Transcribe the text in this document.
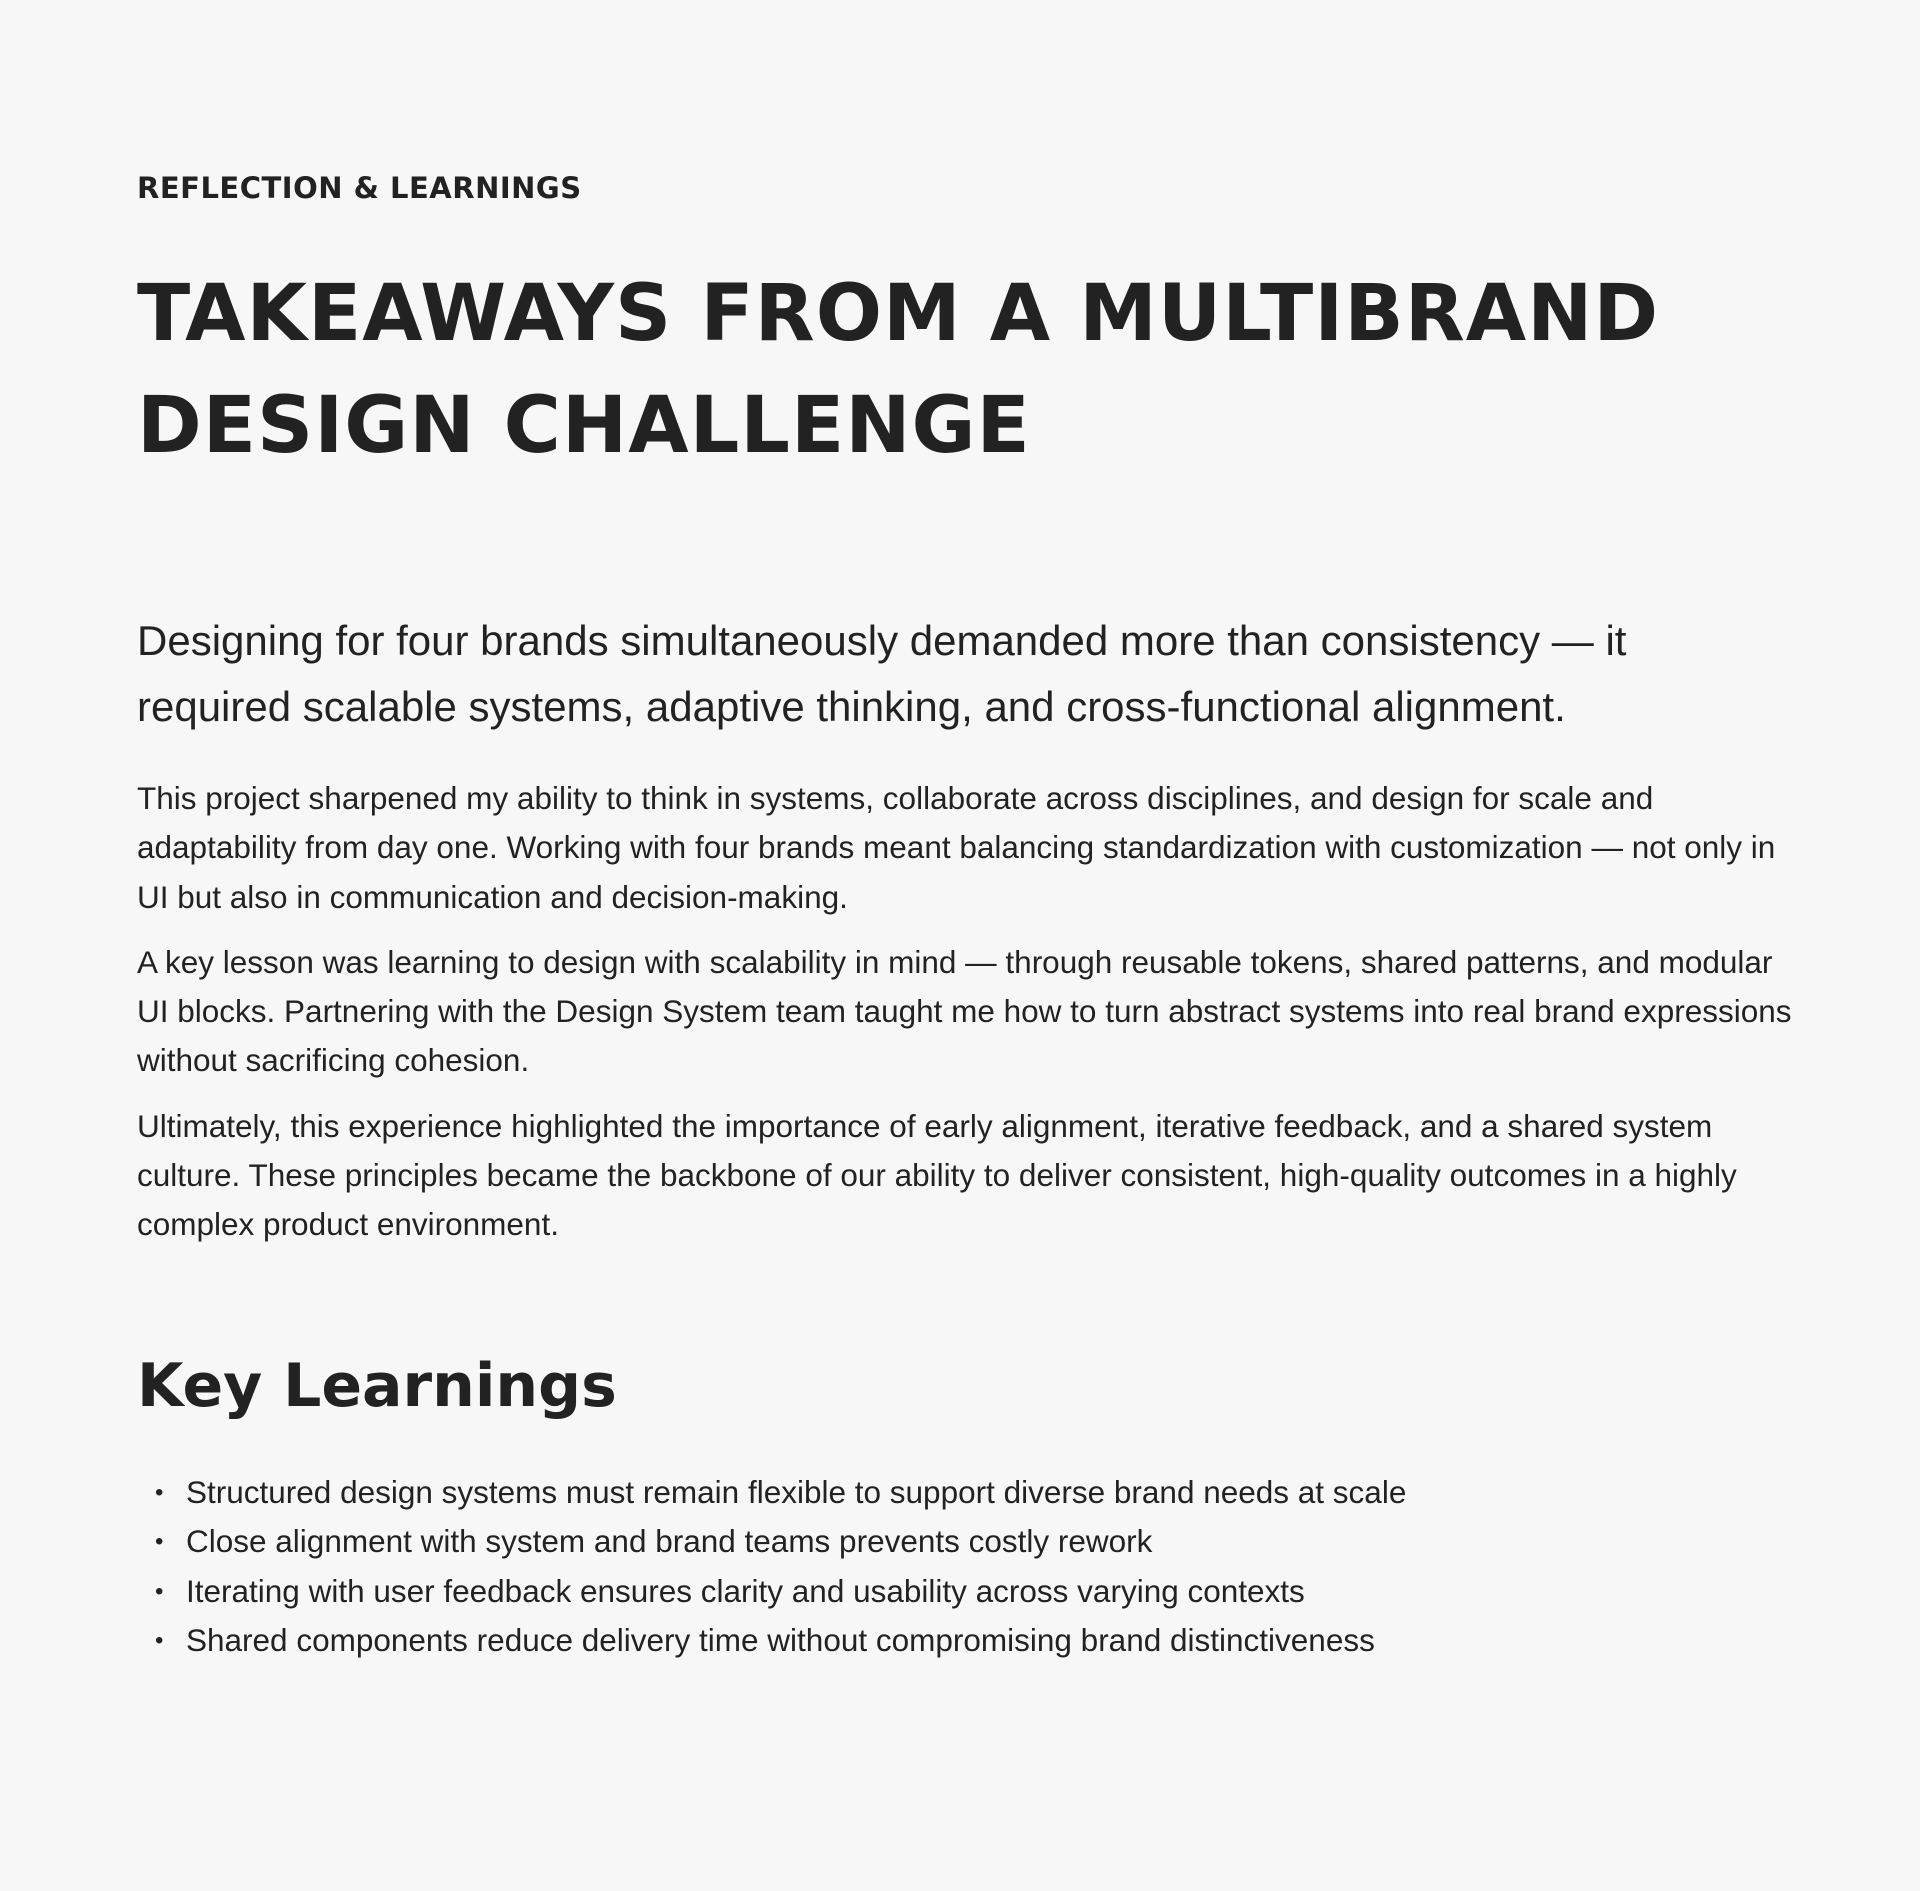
REFLECTION & LEARNINGS
TAKEAWAYS FROM A MULTIBRAND DESIGN CHALLENGE

Designing for four brands simultaneously demanded more than consistency — it required scalable systems, adaptive thinking, and cross-functional alignment.

This project sharpened my ability to think in systems, collaborate across disciplines, and design for scale and adaptability from day one. Working with four brands meant balancing standardization with customization — not only in UI but also in communication and decision-making.

A key lesson was learning to design with scalability in mind — through reusable tokens, shared patterns, and modular UI blocks. Partnering with the Design System team taught me how to turn abstract systems into real brand expressions without sacrificing cohesion.

Ultimately, this experience highlighted the importance of early alignment, iterative feedback, and a shared system culture. These principles became the backbone of our ability to deliver consistent, high-quality outcomes in a highly complex product environment.

Key Learnings
• Structured design systems must remain flexible to support diverse brand needs at scale
• Close alignment with system and brand teams prevents costly rework
• Iterating with user feedback ensures clarity and usability across varying contexts
• Shared components reduce delivery time without compromising brand distinctiveness
